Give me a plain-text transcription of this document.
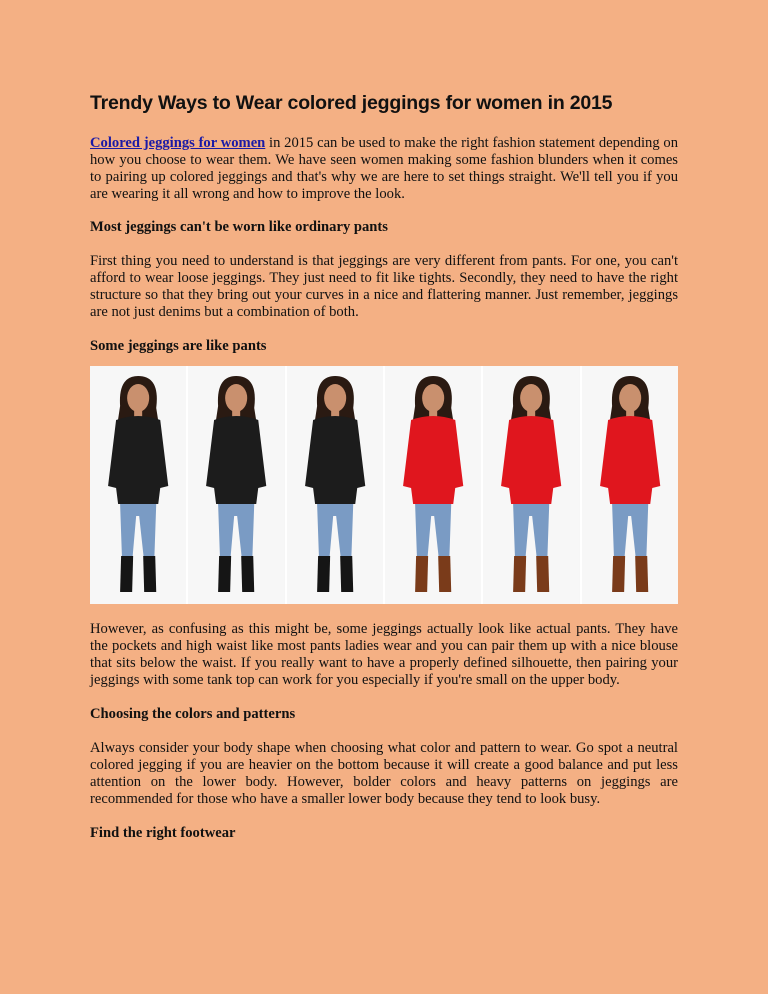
Trendy Ways to Wear colored jeggings for women in 2015

Colored jeggings for women in 2015 can be used to make the right fashion statement depending on how you choose to wear them. We have seen women making some fashion blunders when it comes to pairing up colored jeggings and that's why we are here to set things straight. We'll tell you if you are wearing it all wrong and how to improve the look.

Most jeggings can't be worn like ordinary pants

First thing you need to understand is that jeggings are very different from pants. For one, you can't afford to wear loose jeggings. They just need to fit like tights. Secondly, they need to have the right structure so that they bring out your curves in a nice and flattering manner. Just remember, jeggings are not just denims but a combination of both.

Some jeggings are like pants

However, as confusing as this might be, some jeggings actually look like actual pants. They have the pockets and high waist like most pants ladies wear and you can pair them up with a nice blouse that sits below the waist. If you really want to have a properly defined silhouette, then pairing your jeggings with some tank top can work for you especially if you're small on the upper body.

Choosing the colors and patterns

Always consider your body shape when choosing what color and pattern to wear. Go spot a neutral colored jegging if you are heavier on the bottom because it will create a good balance and put less attention on the lower body. However, bolder colors and heavy patterns on jeggings are recommended for those who have a smaller lower body because they tend to look busy.

Find the right footwear
